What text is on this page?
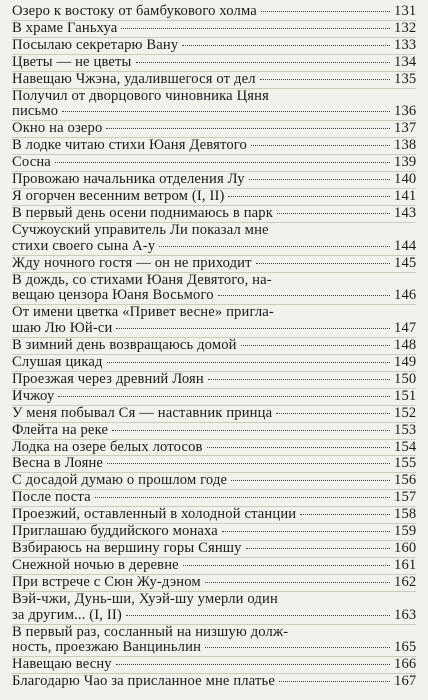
Озеро к востоку от бамбукового холма	131
В храме Ганьхуа	132
Посылаю секретарю Вану	133
Цветы — не цветы	134
Навещаю Чжэна, удалившегося от дел	135
Получил от дворцового чиновника Цяня
письмо	136
Окно на озеро	137
В лодке читаю стихи Юаня Девятого	138
Сосна	139
Провожаю начальника отделения Лу	140
Я огорчен весенним ветром (I, II)	141
В первый день осени поднимаюсь в парк	143
Сучжоуский управитель Ли показал мне
стихи своего сына А-у	144
Жду ночного гостя — он не приходит	145
В дождь, со стихами Юаня Девятого, на-
вещаю цензора Юаня Восьмого	146
От имени цветка «Привет весне» пригла-
шаю Лю Юй-си	147
В зимний день возвращаюсь домой	148
Слушая цикад	149
Проезжая через древний Лоян	150
Ичжоу	151
У меня побывал Ся — наставник принца	152
Флейта на реке	153
Лодка на озере белых лотосов	154
Весна в Лояне	155
С досадой думаю о прошлом годе	156
После поста	157
Проезжий, оставленный в холодной станции	158
Приглашаю буддийского монаха	159
Взбираюсь на вершину горы Сяншу	160
Снежной ночью в деревне	161
При встрече с Сюн Жу-дэном	162
Вэй-чжи, Дунь-ши, Хуэй-шу умерли один
за другим... (I, II)	163
В первый раз, сосланный на низшую долж-
ность, проезжаю Ванциньлин	165
Навещаю весну	166
Благодарю Чао за присланное мне платье	167
